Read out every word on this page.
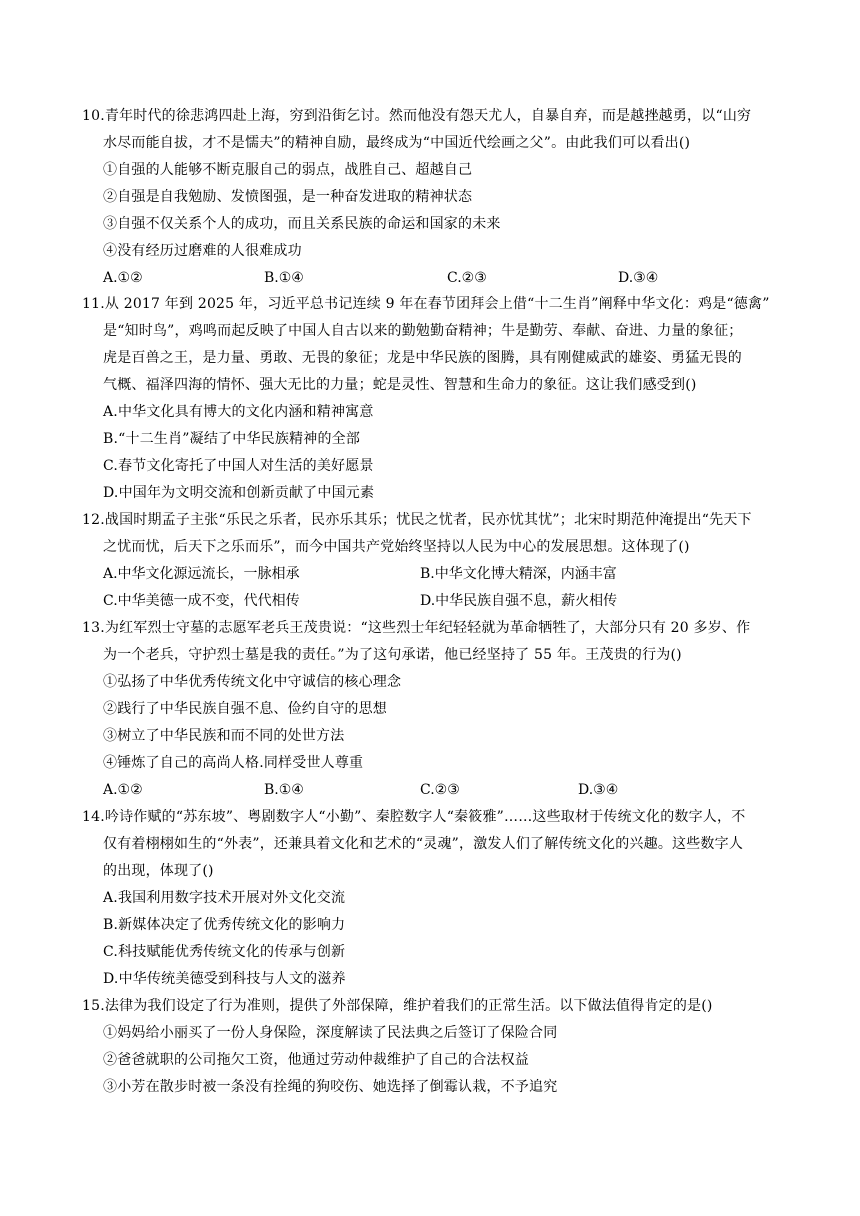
10.青年时代的徐悲鸿四赴上海，穷到沿街乞讨。然而他没有怨天尤人，自暴自弃，而是越挫越勇，以“山穷
水尽而能自拔，才不是懦夫”的精神自励，最终成为“中国近代绘画之父”。由此我们可以看出()
①自强的人能够不断克服自己的弱点，战胜自己、超越自己
②自强是自我勉励、发愤图强，是一种奋发进取的精神状态
③自强不仅关系个人的成功，而且关系民族的命运和国家的未来
④没有经历过磨难的人很难成功
A.①②	B.①④	C.②③	D.③④
11.从 2017 年到 2025 年，习近平总书记连续 9 年在春节团拜会上借“十二生肖”阐释中华文化：鸡是“德禽”
是“知时鸟”，鸡鸣而起反映了中国人自古以来的勤勉勤奋精神；牛是勤劳、奉献、奋进、力量的象征；
虎是百兽之王，是力量、勇敢、无畏的象征；龙是中华民族的图腾，具有刚健威武的雄姿、勇猛无畏的
气概、福泽四海的情怀、强大无比的力量；蛇是灵性、智慧和生命力的象征。这让我们感受到()
A.中华文化具有博大的文化内涵和精神寓意
B.“十二生肖”凝结了中华民族精神的全部
C.春节文化寄托了中国人对生活的美好愿景
D.中国年为文明交流和创新贡献了中国元素
12.战国时期孟子主张“乐民之乐者，民亦乐其乐；忧民之忧者，民亦忧其忧”；北宋时期范仲淹提出“先天下
之忧而忧，后天下之乐而乐”，而今中国共产党始终坚持以人民为中心的发展思想。这体现了()
A.中华文化源远流长，一脉相承	B.中华文化博大精深，内涵丰富
C.中华美德一成不变，代代相传	D.中华民族自强不息，薪火相传
13.为红军烈士守墓的志愿军老兵王茂贵说：“这些烈士年纪轻轻就为革命牺牲了，大部分只有 20 多岁、作
为一个老兵，守护烈士墓是我的责任。”为了这句承诺，他已经坚持了 55 年。王茂贵的行为()
①弘扬了中华优秀传统文化中守诚信的核心理念
②践行了中华民族自强不息、俭约自守的思想
③树立了中华民族和而不同的处世方法
④锤炼了自己的高尚人格.同样受世人尊重
A.①②	B.①④	C.②③	D.③④
14.吟诗作赋的“苏东坡”、粤剧数字人“小勤”、秦腔数字人“秦筱雅”……这些取材于传统文化的数字人，不
仅有着栩栩如生的“外表”，还兼具着文化和艺术的“灵魂”，激发人们了解传统文化的兴趣。这些数字人
的出现，体现了()
A.我国利用数字技术开展对外文化交流
B.新媒体决定了优秀传统文化的影响力
C.科技赋能优秀传统文化的传承与创新
D.中华传统美德受到科技与人文的滋养
15.法律为我们设定了行为准则，提供了外部保障，维护着我们的正常生活。以下做法值得肯定的是()
①妈妈给小丽买了一份人身保险，深度解读了民法典之后签订了保险合同
②爸爸就职的公司拖欠工资，他通过劳动仲裁维护了自己的合法权益
③小芳在散步时被一条没有拴绳的狗咬伤、她选择了倒霉认栽，不予追究
